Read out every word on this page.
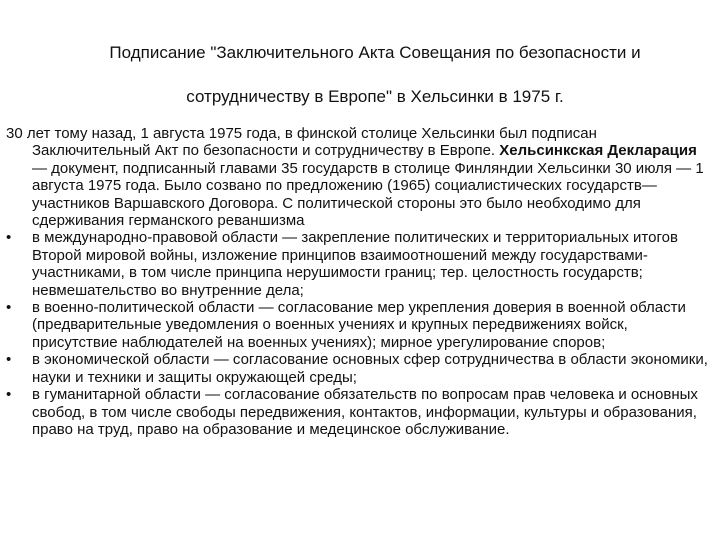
Подписание "Заключительного Акта Совещания по безопасности и
сотрудничеству в Европе" в Хельсинки в 1975 г.

30 лет тому назад, 1 августа 1975 года, в финской столице Хельсинки был подписан Заключительный Акт по безопасности и сотрудничеству в Европе. Хельсинкская Декларация — документ, подписанный главами 35 государств в столице Финляндии Хельсинки 30 июля — 1 августа 1975 года. Было созвано по предложению (1965) социалистических государств—участников Варшавского Договора. С политической стороны это было необходимо для сдерживания германского реваншизма

•	в международно-правовой области — закрепление политических и территориальных итогов Второй мировой войны, изложение принципов взаимоотношений между государствами-участниками, в том числе принципа нерушимости границ; тер. целостность государств; невмешательство во внутренние дела;
•	в военно-политической области — согласование мер укрепления доверия в военной области (предварительные уведомления о военных учениях и крупных передвижениях войск, присутствие наблюдателей на военных учениях); мирное урегулирование споров;
•	в экономической области — согласование основных сфер сотрудничества в области экономики, науки и техники и защиты окружающей среды;
•	в гуманитарной области — согласование обязательств по вопросам прав человека и основных свобод, в том числе свободы передвижения, контактов, информации, культуры и образования, право на труд, право на образование и медецинское обслуживание.
